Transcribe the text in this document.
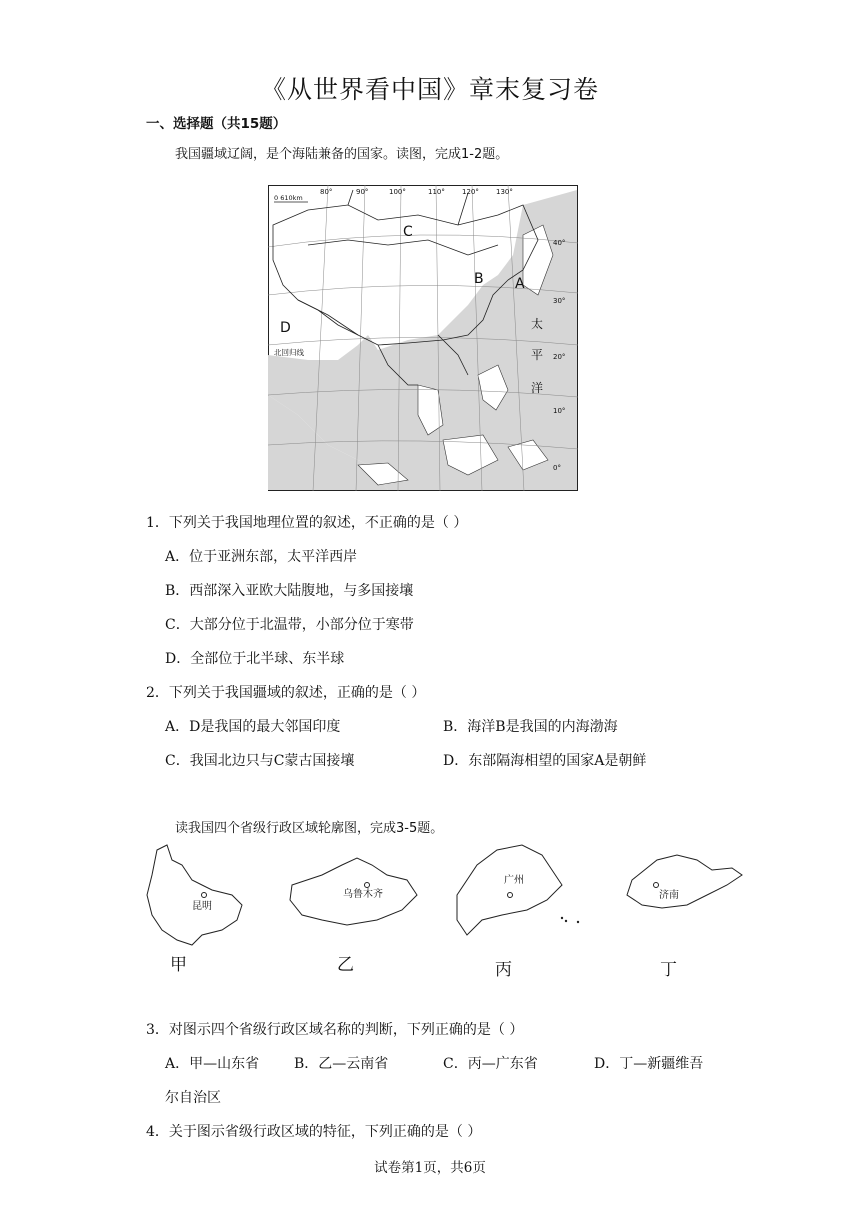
《从世界看中国》章末复习卷
一、选择题（共15题）
我国疆域辽阔，是个海陆兼备的国家。读图，完成1-2题。
0 610km
80°	90°	100°	110° 120° 130°
40°
30°
20°
10°
0°
C
B A
D
北回归线
太
平
洋
1．下列关于我国地理位置的叙述，不正确的是（ ）
A．位于亚洲东部，太平洋西岸
B．西部深入亚欧大陆腹地，与多国接壤
C．大部分位于北温带，小部分位于寒带
D．全部位于北半球、东半球
2．下列关于我国疆域的叙述，正确的是（ ）
A．D是我国的最大邻国印度	B．海洋B是我国的内海渤海
C．我国北边只与C蒙古国接壤	D．东部隔海相望的国家A是朝鲜
读我国四个省级行政区域轮廓图，完成3-5题。
昆明
乌鲁木齐
广州
济南
甲	乙	丙	丁
3．对图示四个省级行政区域名称的判断，下列正确的是（ ）
A．甲—山东省 B．乙—云南省	C．丙—广东省	D．丁—新疆维吾
尔自治区
4．关于图示省级行政区域的特征，下列正确的是（ ）
试卷第1页，共6页
